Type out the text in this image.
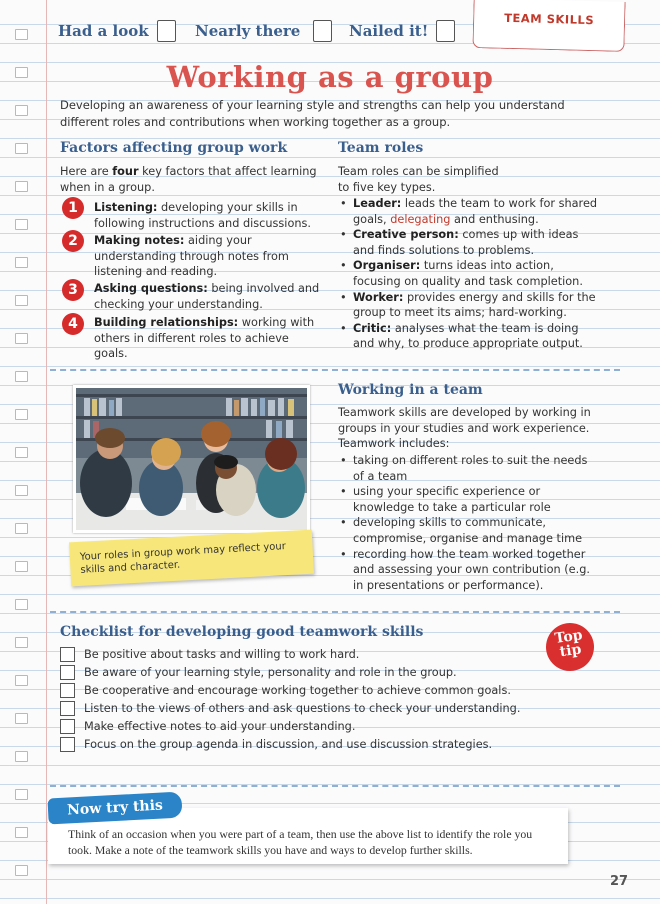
Had a look	Nearly there	Nailed it!
TEAM SKILLS
Working as a group
Developing an awareness of your learning style and strengths can help you understand different roles and contributions when working together as a group.
Factors affecting group work
Here are four key factors that affect learning when in a group.
1	Listening: developing your skills in following instructions and discussions.
2	Making notes: aiding your understanding through notes from listening and reading.
3	Asking questions: being involved and checking your understanding.
4	Building relationships: working with others in different roles to achieve goals.
Team roles
Team roles can be simplified to five key types.
• Leader: leads the team to work for shared goals, delegating and enthusing.
• Creative person: comes up with ideas and finds solutions to problems.
• Organiser: turns ideas into action, focusing on quality and task completion.
• Worker: provides energy and skills for the group to meet its aims; hard-working.
• Critic: analyses what the team is doing and why, to produce appropriate output.
Your roles in group work may reflect your skills and character.
Working in a team
Teamwork skills are developed by working in groups in your studies and work experience. Teamwork includes:
• taking on different roles to suit the needs of a team
• using your specific experience or knowledge to take a particular role
• developing skills to communicate, compromise, organise and manage time
• recording how the team worked together and assessing your own contribution (e.g. in presentations or performance).
Checklist for developing good teamwork skills	Top
tip
Be positive about tasks and willing to work hard.
Be aware of your learning style, personality and role in the group.
Be cooperative and encourage working together to achieve common goals.
Listen to the views of others and ask questions to check your understanding.
Make effective notes to aid your understanding.
Focus on the group agenda in discussion, and use discussion strategies.
Now try this
Think of an occasion when you were part of a team, then use the above list to identify the role you took. Make a note of the teamwork skills you have and ways to develop further skills.
27
